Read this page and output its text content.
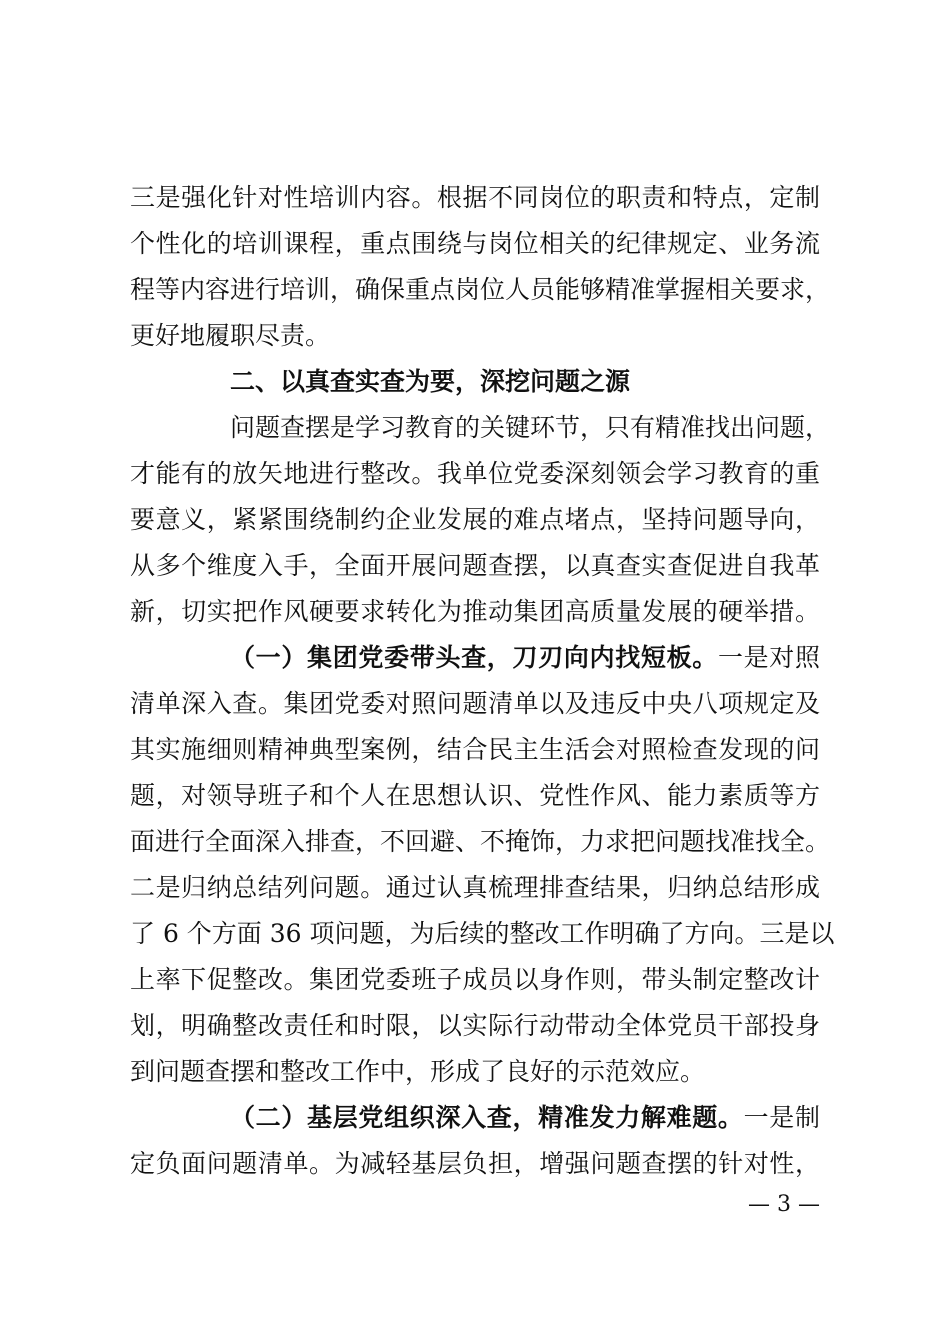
三是强化针对性培训内容。根据不同岗位的职责和特点，定制
个性化的培训课程，重点围绕与岗位相关的纪律规定、业务流
程等内容进行培训，确保重点岗位人员能够精准掌握相关要求，
更好地履职尽责。
二、以真查实查为要，深挖问题之源
问题查摆是学习教育的关键环节，只有精准找出问题，
才能有的放矢地进行整改。我单位党委深刻领会学习教育的重
要意义，紧紧围绕制约企业发展的难点堵点，坚持问题导向，
从多个维度入手，全面开展问题查摆，以真查实查促进自我革
新，切实把作风硬要求转化为推动集团高质量发展的硬举措。
（一）集团党委带头查，刀刃向内找短板。一是对照
清单深入查。集团党委对照问题清单以及违反中央八项规定及
其实施细则精神典型案例，结合民主生活会对照检查发现的问
题，对领导班子和个人在思想认识、党性作风、能力素质等方
面进行全面深入排查，不回避、不掩饰，力求把问题找准找全。
二是归纳总结列问题。通过认真梳理排查结果，归纳总结形成
了 6 个方面 36 项问题，为后续的整改工作明确了方向。三是以
上率下促整改。集团党委班子成员以身作则，带头制定整改计
划，明确整改责任和时限，以实际行动带动全体党员干部投身
到问题查摆和整改工作中，形成了良好的示范效应。
（二）基层党组织深入查，精准发力解难题。一是制
定负面问题清单。为减轻基层负担，增强问题查摆的针对性，
— 3 —
